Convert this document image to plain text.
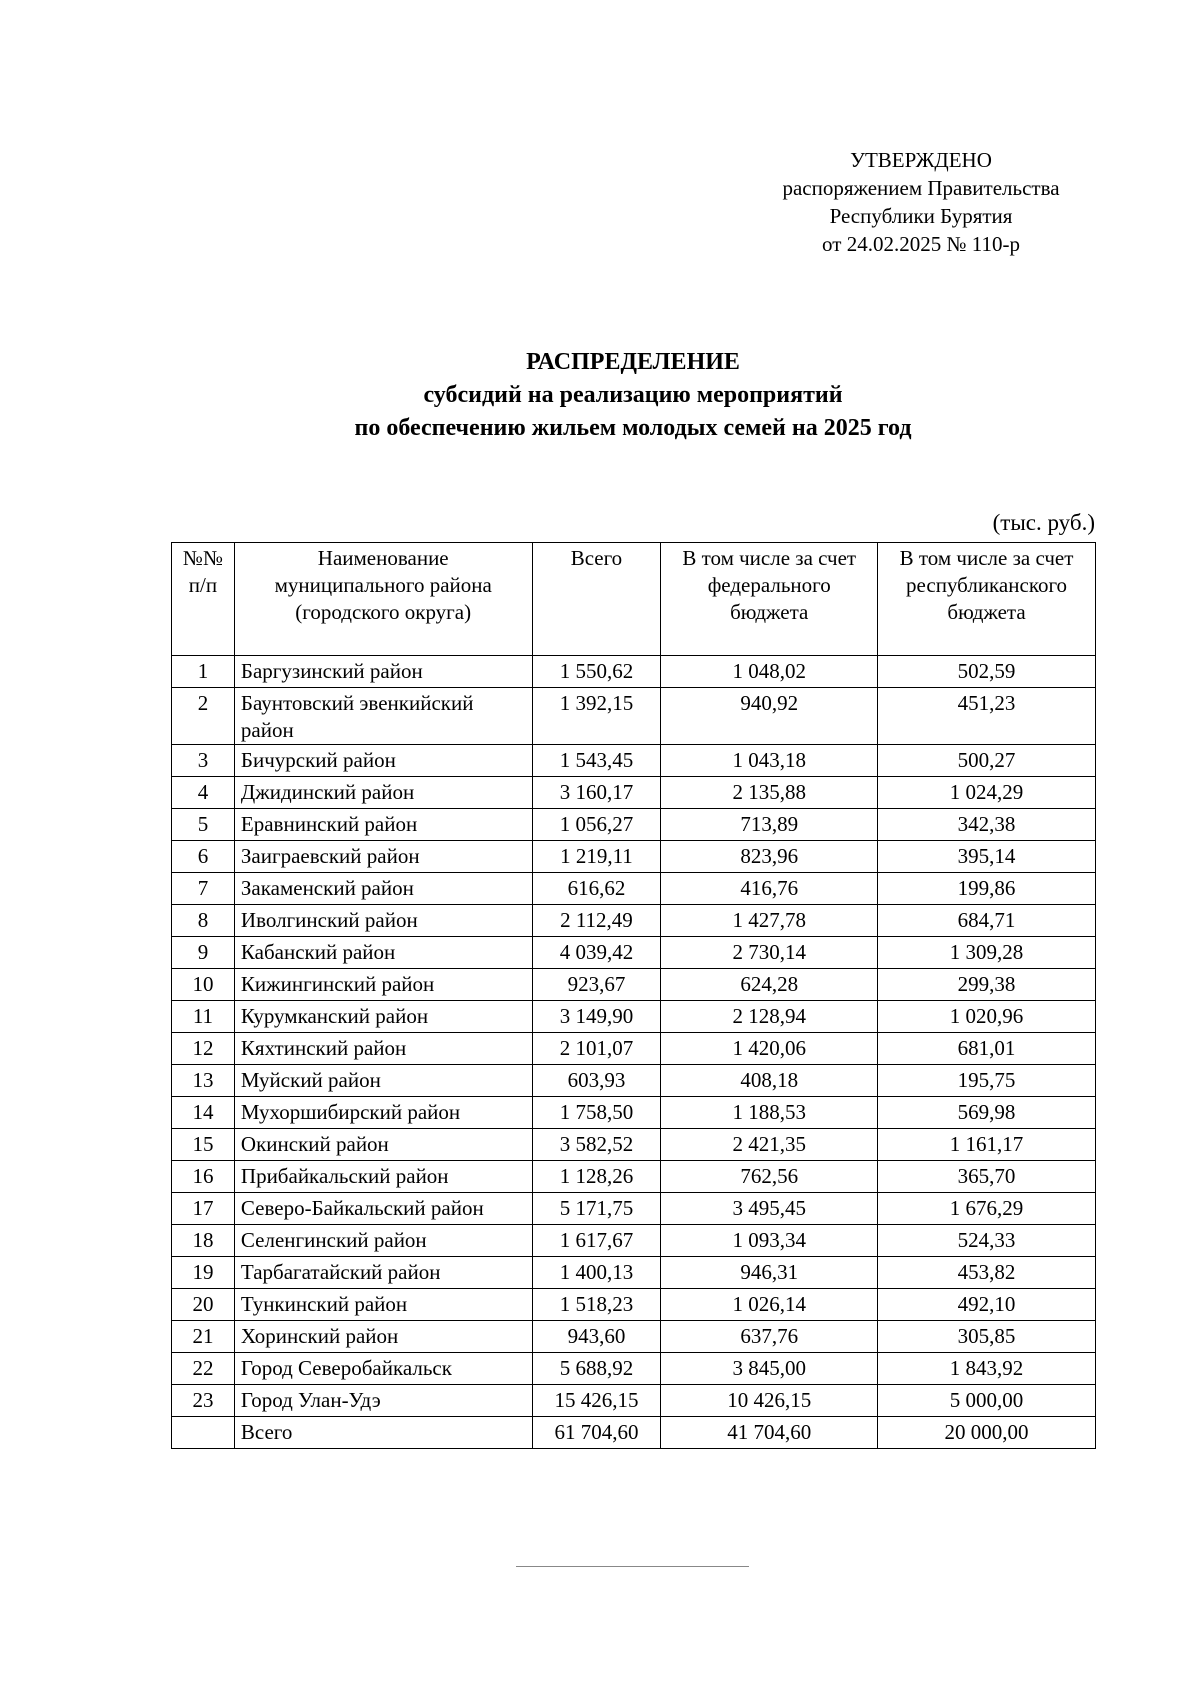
УТВЕРЖДЕНО
распоряжением Правительства
Республики Бурятия
от 24.02.2025 № 110-р
РАСПРЕДЕЛЕНИЕ
субсидий на реализацию мероприятий
по обеспечению жильем молодых семей на 2025 год
(тыс. руб.)
№№ п/п	Наименование муниципального района (городского округа)	Всего	В том числе за счет федерального бюджета	В том числе за счет республиканского бюджета
1	Баргузинский район	1 550,62	1 048,02	502,59
2	Баунтовский эвенкийский район	1 392,15	940,92	451,23
3	Бичурский район	1 543,45	1 043,18	500,27
4	Джидинский район	3 160,17	2 135,88	1 024,29
5	Еравнинский район	1 056,27	713,89	342,38
6	Заиграевский район	1 219,11	823,96	395,14
7	Закаменский район	616,62	416,76	199,86
8	Иволгинский район	2 112,49	1 427,78	684,71
9	Кабанский район	4 039,42	2 730,14	1 309,28
10	Кижингинский район	923,67	624,28	299,38
11	Курумканский район	3 149,90	2 128,94	1 020,96
12	Кяхтинский район	2 101,07	1 420,06	681,01
13	Муйский район	603,93	408,18	195,75
14	Мухоршибирский район	1 758,50	1 188,53	569,98
15	Окинский район	3 582,52	2 421,35	1 161,17
16	Прибайкальский район	1 128,26	762,56	365,70
17	Северо-Байкальский район	5 171,75	3 495,45	1 676,29
18	Селенгинский район	1 617,67	1 093,34	524,33
19	Тарбагатайский район	1 400,13	946,31	453,82
20	Тункинский район	1 518,23	1 026,14	492,10
21	Хоринский район	943,60	637,76	305,85
22	Город Северобайкальск	5 688,92	3 845,00	1 843,92
23	Город Улан-Удэ	15 426,15	10 426,15	5 000,00
	Всего	61 704,60	41 704,60	20 000,00
